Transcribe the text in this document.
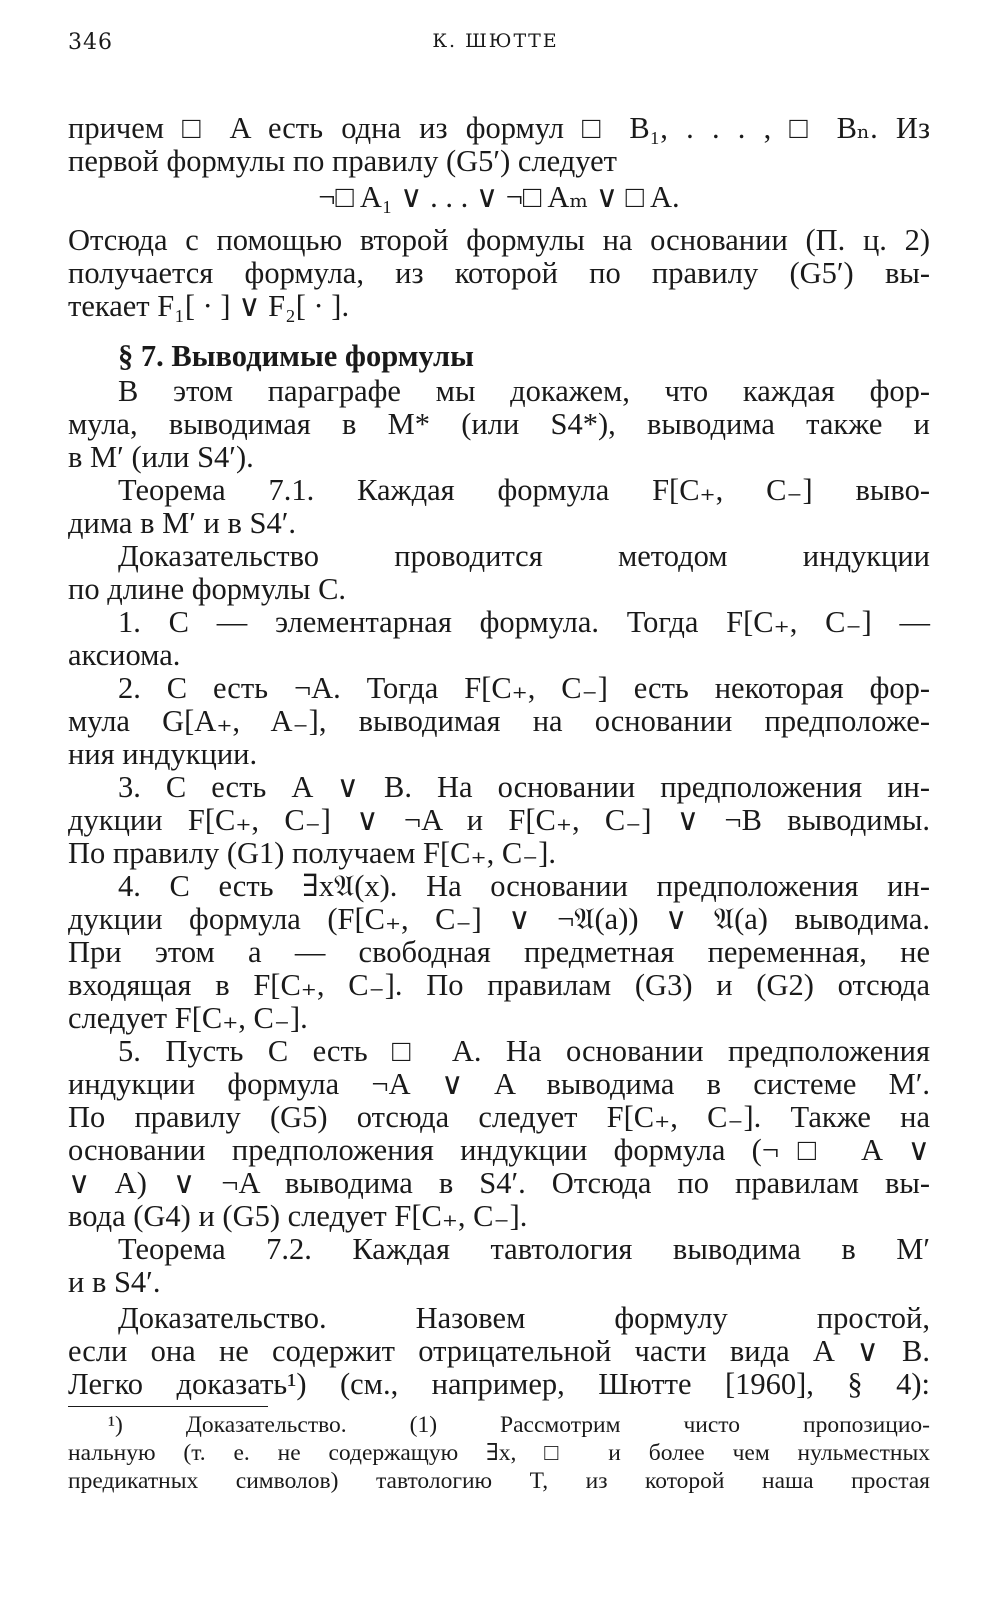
346	К. ШЮТТЕ
причем □ A есть одна из формул □ B₁, . . . , □ Bₙ. Из
первой формулы по правилу (G5′) следует
¬□ A₁ ∨ . . . ∨ ¬□ Aₘ ∨ □ A.
Отсюда с помощью второй формулы на основании (П. ц. 2)
получается формула, из которой по правилу (G5′) вы-
текает F₁[ · ] ∨ F₂[ · ].
§ 7. Выводимые формулы
В этом параграфе мы докажем, что каждая фор-
мула, выводимая в M* (или S4*), выводима также и
в M′ (или S4′).
Теорема 7.1. Каждая формула F[C₊, C₋] выво-
дима в M′ и в S4′.
Доказательство проводится методом индукции
по длине формулы C.
1. C — элементарная формула. Тогда F[C₊, C₋] —
аксиома.
2. C есть ¬A. Тогда F[C₊, C₋] есть некоторая фор-
мула G[A₊, A₋], выводимая на основании предположе-
ния индукции.
3. C есть A ∨ B. На основании предположения ин-
дукции F[C₊, C₋] ∨ ¬A и F[C₊, C₋] ∨ ¬B выводимы.
По правилу (G1) получаем F[C₊, C₋].
4. C есть ∃x𝔄(x). На основании предположения ин-
дукции формула (F[C₊, C₋] ∨ ¬𝔄(a)) ∨ 𝔄(a) выводима.
При этом a — свободная предметная переменная, не
входящая в F[C₊, C₋]. По правилам (G3) и (G2) отсюда
следует F[C₊, C₋].
5. Пусть C есть □ A. На основании предположения
индукции формула ¬A ∨ A выводима в системе M′.
По правилу (G5) отсюда следует F[C₊, C₋]. Также на
основании предположения индукции формула (¬□ A ∨
∨ A) ∨ ¬A выводима в S4′. Отсюда по правилам вы-
вода (G4) и (G5) следует F[C₊, C₋].
Теорема 7.2. Каждая тавтология выводима в M′
и в S4′.
Доказательство. Назовем формулу простой,
если она не содержит отрицательной части вида A ∨ B.
Легко доказать¹) (см., например, Шютте [1960], § 4):
¹) Доказательство. (1) Рассмотрим чисто пропозицио-
нальную (т. е. не содержащую ∃x, □ и более чем нульместных
предикатных символов) тавтологию T, из которой наша простая
